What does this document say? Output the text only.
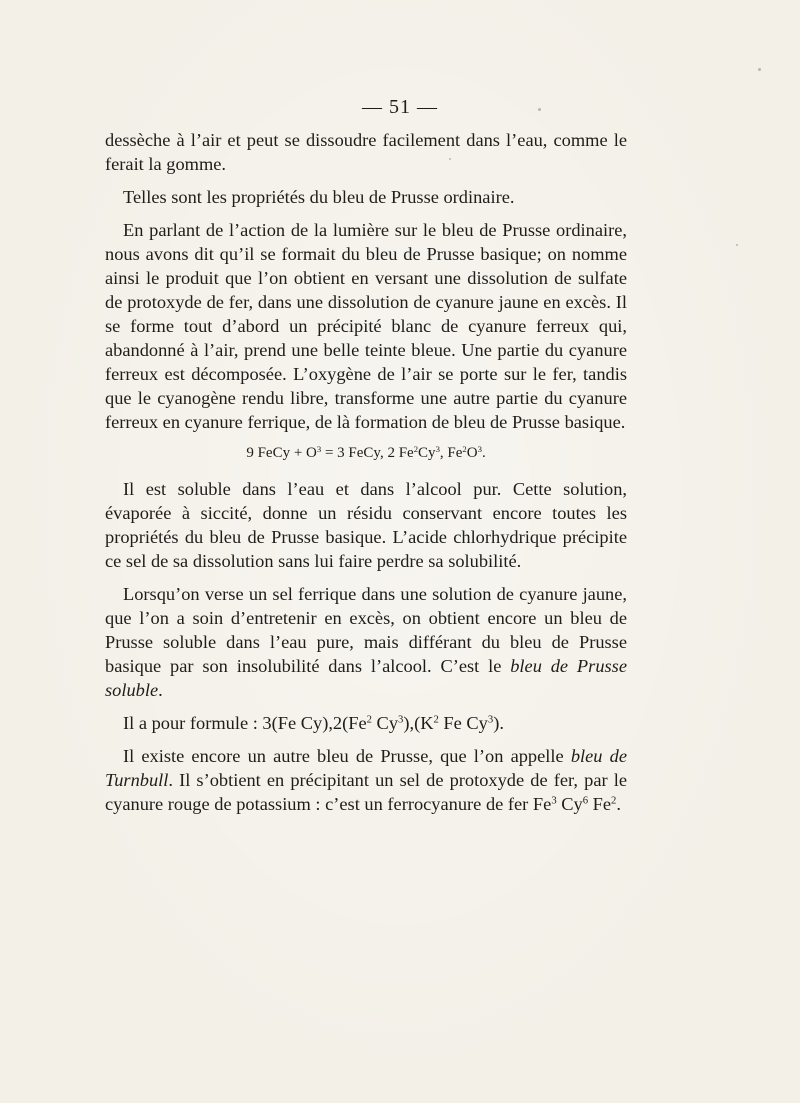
— 51 —

dessèche à l’air et peut se dissoudre facilement dans l’eau, comme le ferait la gomme.

Telles sont les propriétés du bleu de Prusse ordinaire.

En parlant de l’action de la lumière sur le bleu de Prusse ordinaire, nous avons dit qu’il se formait du bleu de Prusse basique; on nomme ainsi le produit que l’on obtient en versant une dissolution de sulfate de protoxyde de fer, dans une dissolution de cyanure jaune en excès. Il se forme tout d’abord un précipité blanc de cyanure ferreux qui, abandonné à l’air, prend une belle teinte bleue. Une partie du cyanure ferreux est décomposée. L’oxygène de l’air se porte sur le fer, tandis que le cyanogène rendu libre, transforme une autre partie du cyanure ferreux en cyanure ferrique, de là formation de bleu de Prusse basique.

9 FeCy + $O^3 = 3$ FeCy, 2 Fe$^2$Cy$^3$, $Fe^2O^3$.

Il est soluble dans l’eau et dans l’alcool pur. Cette solution, évaporée à siccité, donne un résidu conservant encore toutes les propriétés du bleu de Prusse basique. L’acide chlorhydrique précipite ce sel de sa dissolution sans lui faire perdre sa solubilité.

Lorsqu’on verse un sel ferrique dans une solution de cyanure jaune, que l’on a soin d’entretenir en excès, on obtient encore un bleu de Prusse soluble dans l’eau pure, mais différant du bleu de Prusse basique par son insolubilité dans l’alcool. C’est le bleu de Prusse soluble.

Il a pour formule : 3(Fe Cy),2(Fe$^2$ $Cy^3),(K^2$ Fe Cy$^3$).

Il existe encore un autre bleu de Prusse, que l’on appelle bleu de Turnbull. Il s’obtient en précipitant un sel de protoxyde de fer, par le cyanure rouge de potassium : c’est un ferrocyanure de fer Fe$^3$ Cy$^6$ Fe$^2$.
